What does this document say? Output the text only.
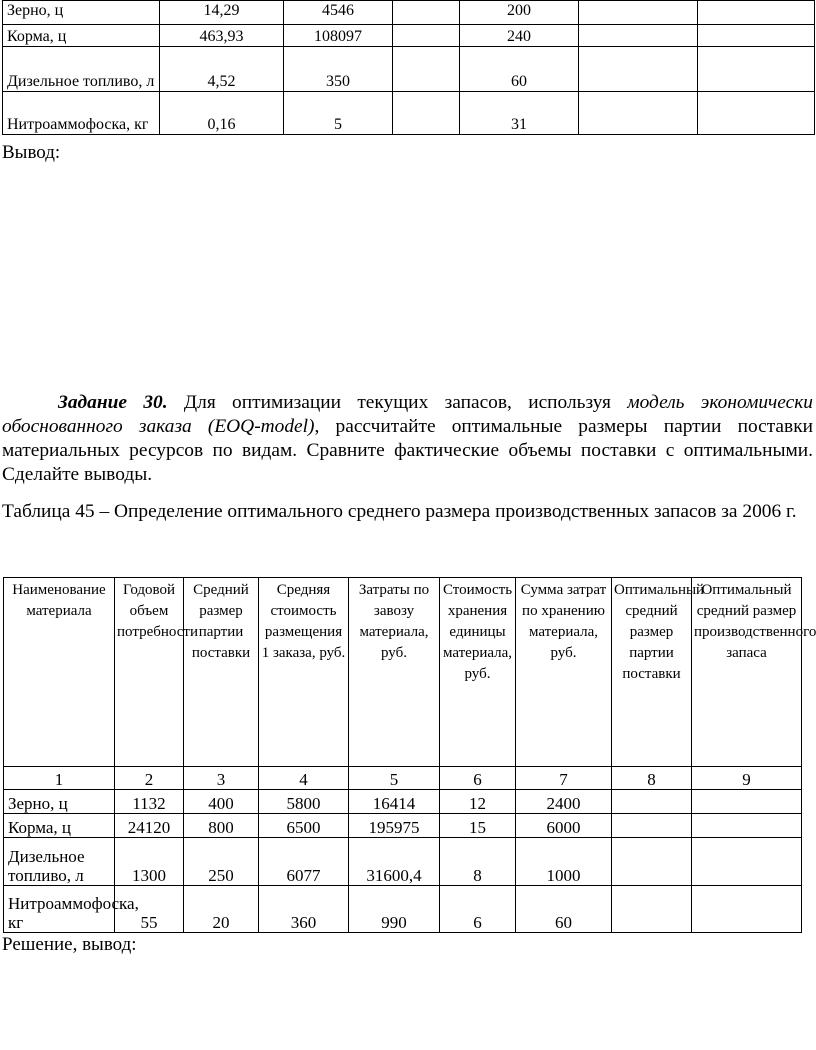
Зерно, ц	14,29	4546		200		
Корма, ц	463,93	108097		240		
Дизельное топливо, л	4,52	350		60		
Нитроаммофоска, кг	0,16	5		31		
Вывод:

Задание 30. Для оптимизации текущих запасов, используя модель экономически обоснованного заказа (EOQ-model), рассчитайте оптимальные размеры партии поставки материальных ресурсов по видам. Сравните фактические объемы поставки с оптимальными. Сделайте выводы.

Таблица 45 – Определение оптимального среднего размера производственных запасов за 2006 г.

Наименование материала	Годовой объем потребности	Средний размер партии поставки	Средняя стоимость размещения 1 заказа, руб.	Затраты по завозу материала, руб.	Стоимость хранения единицы материала, руб.	Сумма затрат по хранению материала, руб.	Оптимальный средний размер партии поставки	Оптимальный средний размер производственного запаса
1	2	3	4	5	6	7	8	9
Зерно, ц	1132	400	5800	16414	12	2400		
Корма, ц	24120	800	6500	195975	15	6000		
Дизельное топливо, л	1300	250	6077	31600,4	8	1000		
Нитроаммофоска, кг	55	20	360	990	6	60		
Решение, вывод:
